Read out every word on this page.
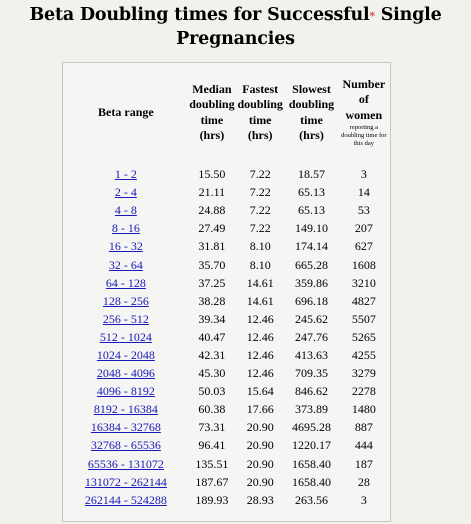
Beta Doubling times for Successful* Single
Pregnancies
Beta range	Median
doubling
time
(hrs)	Fastest
doubling
time
(hrs)	Slowest
doubling
time
(hrs)	Number
of
women
reporting a doubling time for this day

1 - 2	15.50	7.22	18.57	3
2 - 4	21.11	7.22	65.13	14
4 - 8	24.88	7.22	65.13	53
8 - 16	27.49	7.22	149.10	207
16 - 32	31.81	8.10	174.14	627
32 - 64	35.70	8.10	665.28	1608
64 - 128	37.25	14.61	359.86	3210
128 - 256	38.28	14.61	696.18	4827
256 - 512	39.34	12.46	245.62	5507
512 - 1024	40.47	12.46	247.76	5265
1024 - 2048	42.31	12.46	413.63	4255
2048 - 4096	45.30	12.46	709.35	3279
4096 - 8192	50.03	15.64	846.62	2278
8192 - 16384	60.38	17.66	373.89	1480
16384 - 32768	73.31	20.90	4695.28	887
32768 - 65536	96.41	20.90	1220.17	444
65536 - 131072	135.51	20.90	1658.40	187
131072 - 262144	187.67	20.90	1658.40	28
262144 - 524288	189.93	28.93	263.56	3
